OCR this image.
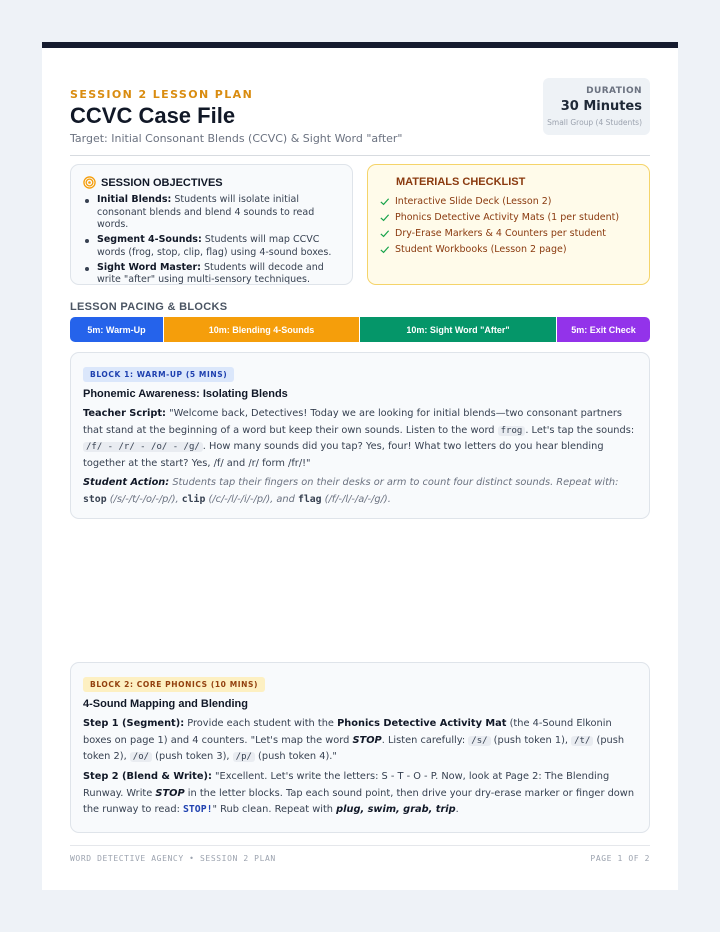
SESSION 2 LESSON PLAN
CCVC Case File
Target: Initial Consonant Blends (CCVC) & Sight Word "after"
DURATION
30 Minutes
Small Group (4 Students)
SESSION OBJECTIVES
Initial Blends: Students will isolate initial consonant blends and blend 4 sounds to read words.
Segment 4-Sounds: Students will map CCVC words (frog, stop, clip, flag) using 4-sound boxes.
Sight Word Master: Students will decode and write "after" using multi-sensory techniques.
MATERIALS CHECKLIST
Interactive Slide Deck (Lesson 2)
Phonics Detective Activity Mats (1 per student)
Dry-Erase Markers & 4 Counters per student
Student Workbooks (Lesson 2 page)
LESSON PACING & BLOCKS
5m: Warm-Up	10m: Blending 4-Sounds	10m: Sight Word "After"	5m: Exit Check
BLOCK 1: WARM-UP (5 MINS)
Phonemic Awareness: Isolating Blends

Teacher Script: "Welcome back, Detectives! Today we are looking for initial blends—two consonant partners that stand at the beginning of a word but keep their own sounds. Listen to the word frog . Let's tap the sounds: /f/ - /r/ - /o/ - /g/ . How many sounds did you tap? Yes, four! What two letters do you hear blending together at the start? Yes, /f/ and /r/ form /fr/!"

Student Action: Students tap their fingers on their desks or arm to count four distinct sounds. Repeat with: stop (/s/-/t/-/o/-/p/), clip (/c/-/l/-/i/-/p/), and flag (/f/-/l/-/a/-/g/).

BLOCK 2: CORE PHONICS (10 MINS)
4-Sound Mapping and Blending

Step 1 (Segment): Provide each student with the Phonics Detective Activity Mat (the 4-Sound Elkonin boxes on page 1) and 4 counters. "Let's map the word STOP. Listen carefully: /s/ (push token 1), /t/ (push token 2), /o/ (push token 3), /p/ (push token 4)."

Step 2 (Blend & Write): "Excellent. Let's write the letters: S - T - O - P. Now, look at Page 2: The Blending Runway. Write STOP in the letter blocks. Tap each sound point, then drive your dry-erase marker or finger down the runway to read: STOP!" Rub clean. Repeat with plug, swim, grab, trip.

WORD DETECTIVE AGENCY • SESSION 2 PLAN	PAGE 1 OF 2
